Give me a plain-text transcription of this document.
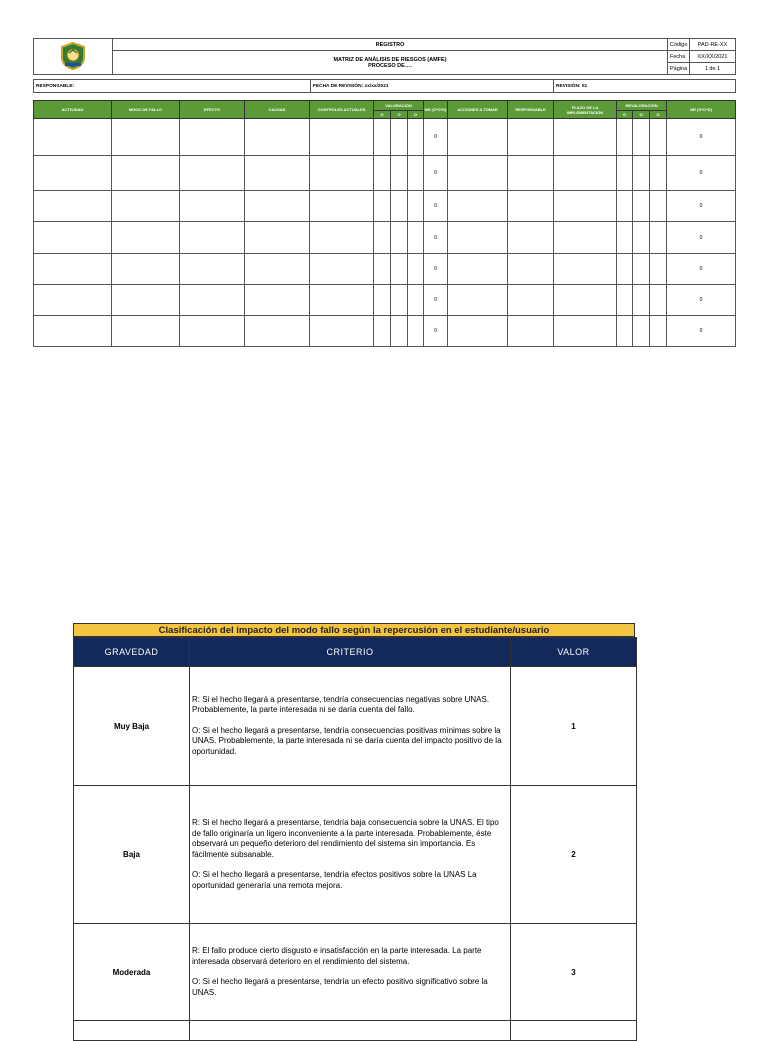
	REGISTRO	Código	PAD-RE-XX

	MATRIZ DE ANÁLISIS DE RIESGOS (AMFE)
PROCESO DE….	Fecha	XX/XX/2021
		Página	1 de 1
RESPONSABLE:	FECHA DE REVISIÓN: xx/xx/2021	REVISIÓN: 01
ACTIVIDAD	MODO DE FALLO	EFECTO	CAUSAS	CONTROLES ACTUALES	VALORACIÓN			NR (G*O*D)	ACCIONES A TOMAR	RESPONSABLE	PLAZO DE LA IMPLEMENTACIÓN	REVALORACIÓN			NR (G*O*D)
					G	O	D					G	O	D	
								0							0
								0							0
								0							0
								0							0
								0							0
								0							0
								0							0
Clasificación del impacto del modo fallo según la repercusión en el estudiante/usuario
GRAVEDAD	CRITERIO	VALOR
Muy Baja	R: Si el hecho llegará a presentarse, tendría consecuencias negativas sobre UNAS. Probablemente, la parte interesada ni se daría cuenta del fallo.

O: Si el hecho llegará a presentarse, tendría consecuencias positivas mínimas sobre la UNAS. Probablemente, la parte interesada ni se daría cuenta del impacto positivo de la oportunidad.	1
Baja	R: Si el hecho llegará a presentarse, tendría baja consecuencia sobre la UNAS. El tipo de fallo originaría un ligero inconveniente a la parte interesada. Probablemente, éste observará un pequeño deterioro del rendimiento del sistema sin importancia. Es fácilmente subsanable.

O: Si el hecho llegará a presentarse, tendría efectos positivos sobre la UNAS La oportunidad generaría una remota mejora.	2
Moderada	R: El fallo produce cierto disgusto e insatisfacción en la parte interesada. La parte interesada observará deterioro en el rendimiento del sistema.

O: Si el hecho llegará a presentarse, tendría un efecto positivo significativo sobre la UNAS.	3
